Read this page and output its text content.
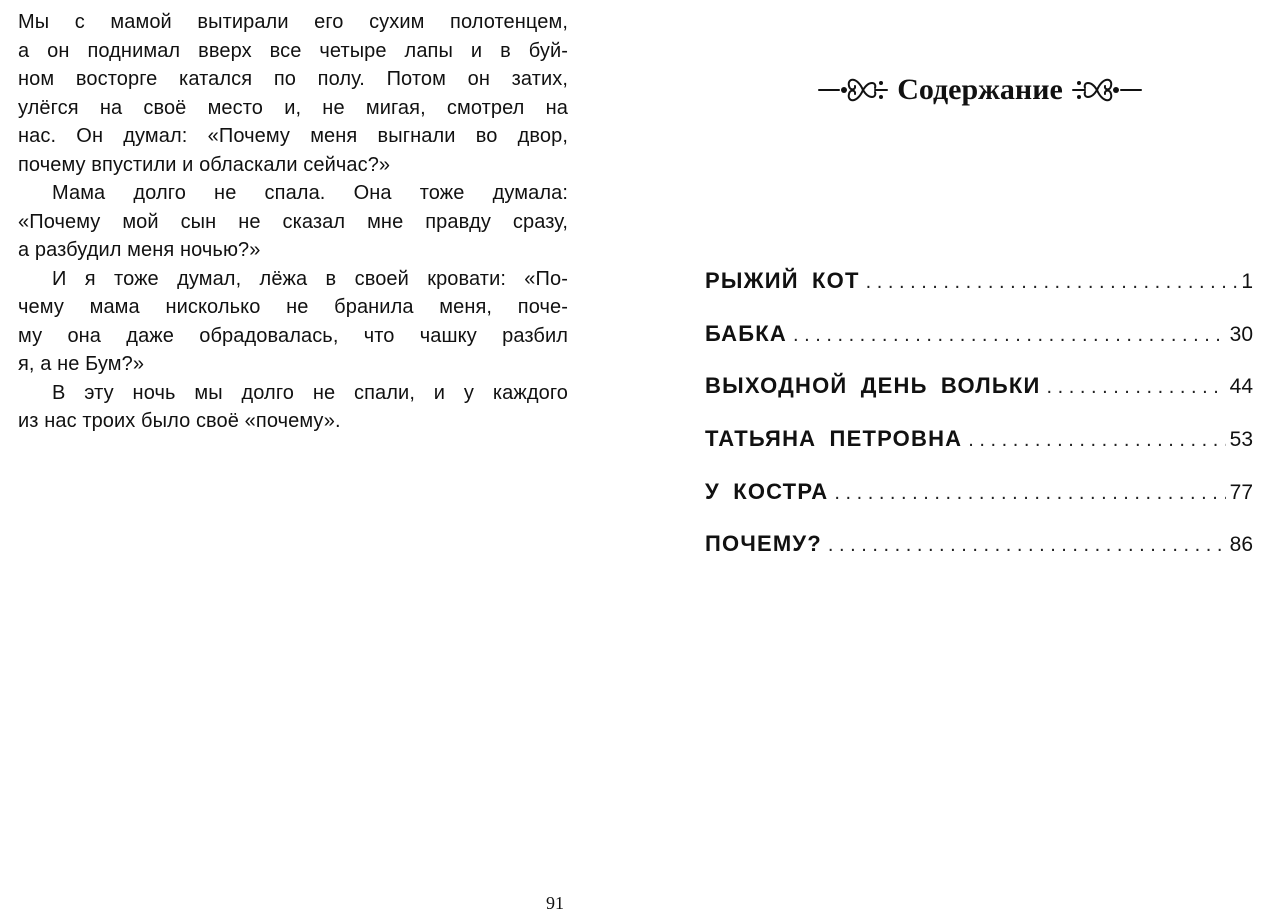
Мы с мамой вытирали его сухим полотенцем,
а он поднимал вверх все четыре лапы и в буй-
ном восторге катался по полу. Потом он затих,
улёгся на своё место и, не мигая, смотрел на
нас. Он думал: «Почему меня выгнали во двор,
почему впустили и обласкали сейчас?»

Мама долго не спала. Она тоже думала:
«Почему мой сын не сказал мне правду сразу,
а разбудил меня ночью?»

И я тоже думал, лёжа в своей кровати: «По-
чему мама нисколько не бранила меня, поче-
му она даже обрадовалась, что чашку разбил
я, а не Бум?»

В эту ночь мы долго не спали, и у каждого
из нас троих было своё «почему».

91
Содержание
РЫЖИЙ КОТ . . .	1
БАБКА . . .	30
ВЫХОДНОЙ ДЕНЬ ВОЛЬКИ . . .	44
ТАТЬЯНА ПЕТРОВНА . . .	53
У КОСТРА . . .	77
ПОЧЕМУ? . . .	86
